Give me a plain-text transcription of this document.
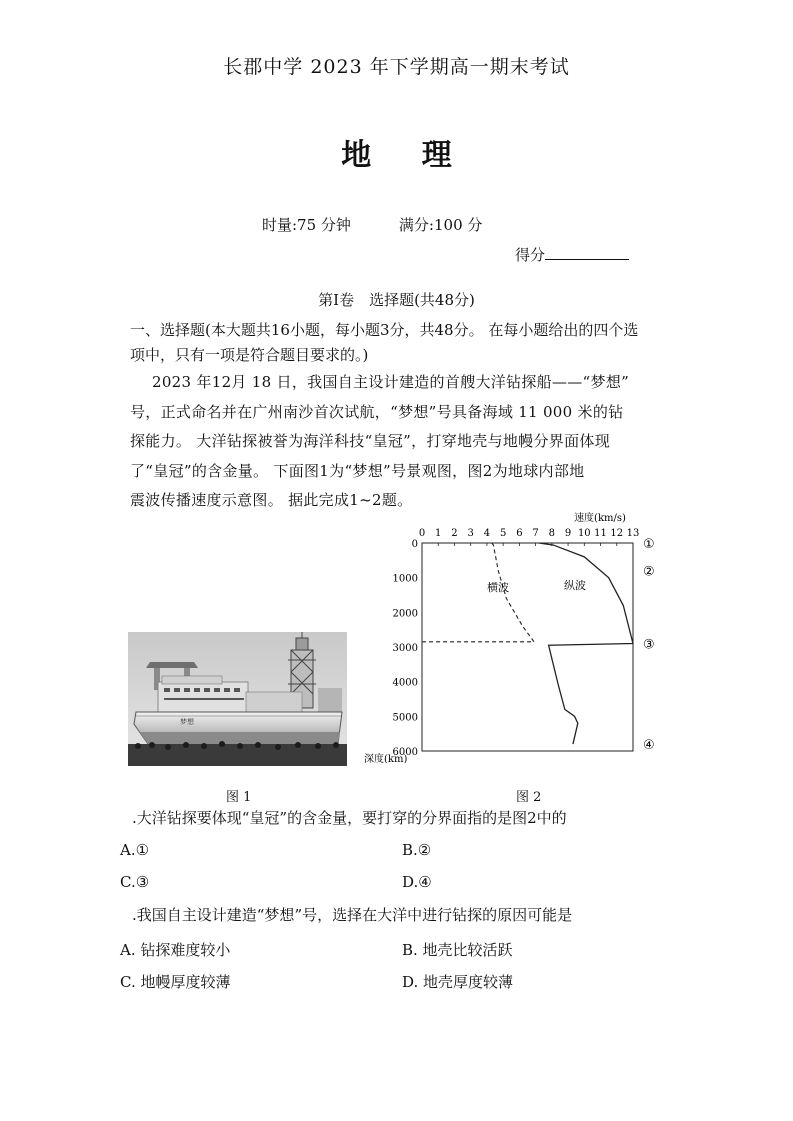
长郡中学 2023 年下学期高一期末考试
地 理
时量:75 分钟	满分:100 分
得分
第Ⅰ卷　选择题(共48分)
一、选择题(本大题共16小题，每小题3分，共48分。 在每小题给出的四个选项中，只有一项是符合题目要求的。)
2023 年12月 18 日，我国自主设计建造的首艘大洋钻探船——“梦想”
号，正式命名并在广州南沙首次试航，“梦想”号具备海域 11 000 米的钻
探能力。 大洋钻探被誉为海洋科技“皇冠”，打穿地壳与地幔分界面体现
了“皇冠”的含金量。 下面图1为“梦想”号景观图，图2为地球内部地
震波传播速度示意图。 据此完成1~2题。
梦想
图 1
速度(km/s)
深度(km)
0 1 2 3 4 5 6 7 8 9 10 11 12 13
0
1000
2000
3000
4000
5000
6000
横波	纵波
①
②
③
④
图 2
.大洋钻探要体现“皇冠”的含金量，要打穿的分界面指的是图2中的
A.①	B.②
C.③	D.④
.我国自主设计建造“梦想”号，选择在大洋中进行钻探的原因可能是
A. 钻探难度较小	B. 地壳比较活跃
C. 地幔厚度较薄	D. 地壳厚度较薄
